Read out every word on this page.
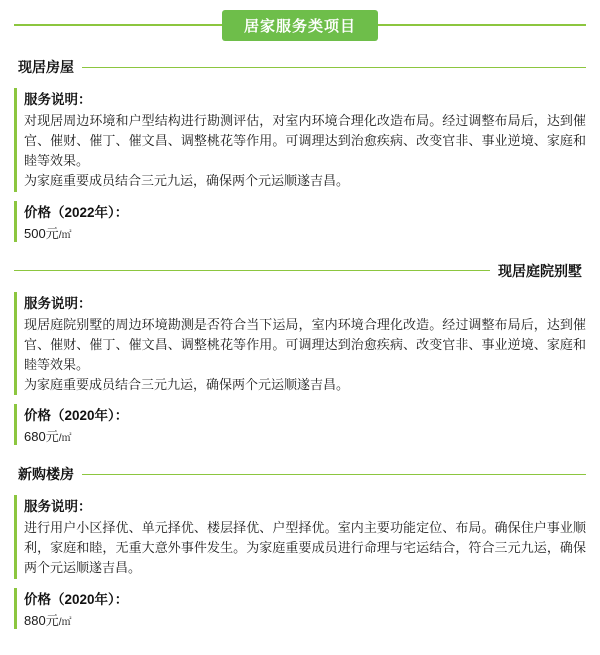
居家服务类项目
现居房屋
服务说明：

对现居周边环境和户型结构进行勘测评估，对室内环境合理化改造布局。经过调整布局后，达到催官、催财、催丁、催文昌、调整桃花等作用。可调理达到治愈疾病、改变官非、事业逆境、家庭和睦等效果。

为家庭重要成员结合三元九运，确保两个元运顺遂吉昌。

价格（2022年）：
500元/㎡
现居庭院别墅
服务说明：

现居庭院别墅的周边环境勘测是否符合当下运局，室内环境合理化改造。经过调整布局后，达到催官、催财、催丁、催文昌、调整桃花等作用。可调理达到治愈疾病、改变官非、事业逆境、家庭和睦等效果。

为家庭重要成员结合三元九运，确保两个元运顺遂吉昌。

价格（2020年）：
680元/㎡
新购楼房
服务说明：

进行用户小区择优、单元择优、楼层择优、户型择优。室内主要功能定位、布局。确保住户事业顺利，家庭和睦，无重大意外事件发生。为家庭重要成员进行命理与宅运结合，符合三元九运，确保两个元运顺遂吉昌。

价格（2020年）：
880元/㎡
